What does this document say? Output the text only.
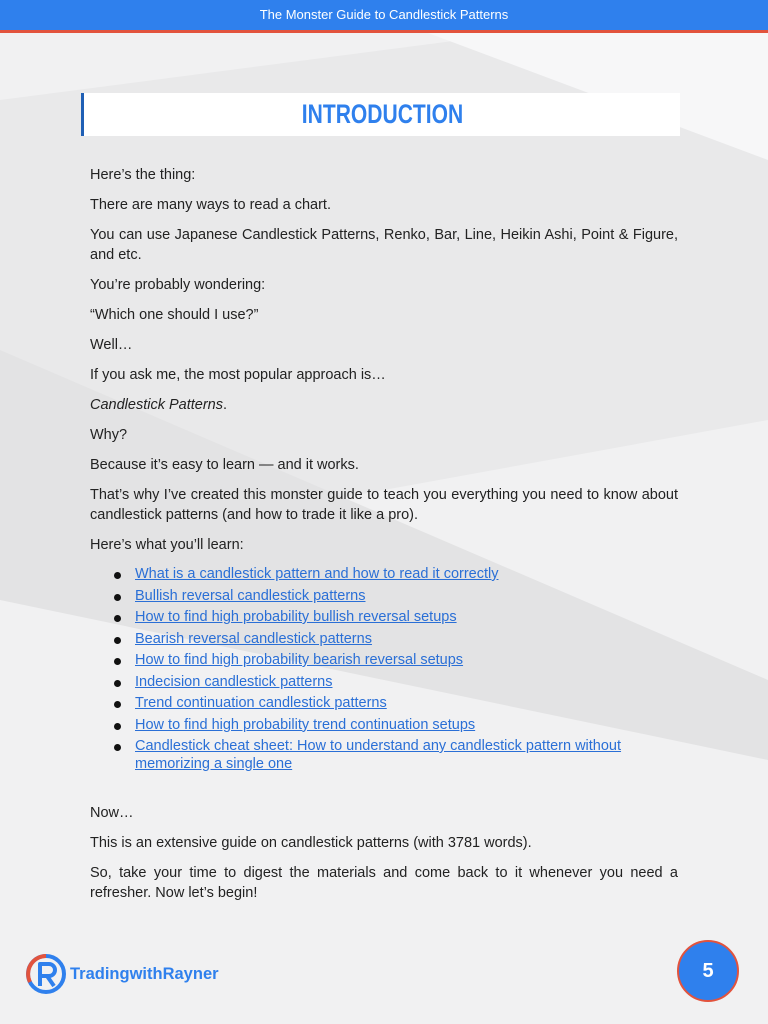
The Monster Guide to Candlestick Patterns
INTRODUCTION

Here’s the thing:

There are many ways to read a chart.

You can use Japanese Candlestick Patterns, Renko, Bar, Line, Heikin Ashi, Point & Figure, and etc.

You’re probably wondering:

“Which one should I use?”

Well…

If you ask me, the most popular approach is…

Candlestick Patterns.

Why?

Because it’s easy to learn — and it works.

That’s why I’ve created this monster guide to teach you everything you need to know about candlestick patterns (and how to trade it like a pro).

Here’s what you’ll learn:

What is a candlestick pattern and how to read it correctly
Bullish reversal candlestick patterns
How to find high probability bullish reversal setups
Bearish reversal candlestick patterns
How to find high probability bearish reversal setups
Indecision candlestick patterns
Trend continuation candlestick patterns
How to find high probability trend continuation setups
Candlestick cheat sheet: How to understand any candlestick pattern without memorizing a single one

Now…

This is an extensive guide on candlestick patterns (with 3781 words).

So, take your time to digest the materials and come back to it whenever you need a refresher. Now let’s begin!

TradingwithRayner	5
